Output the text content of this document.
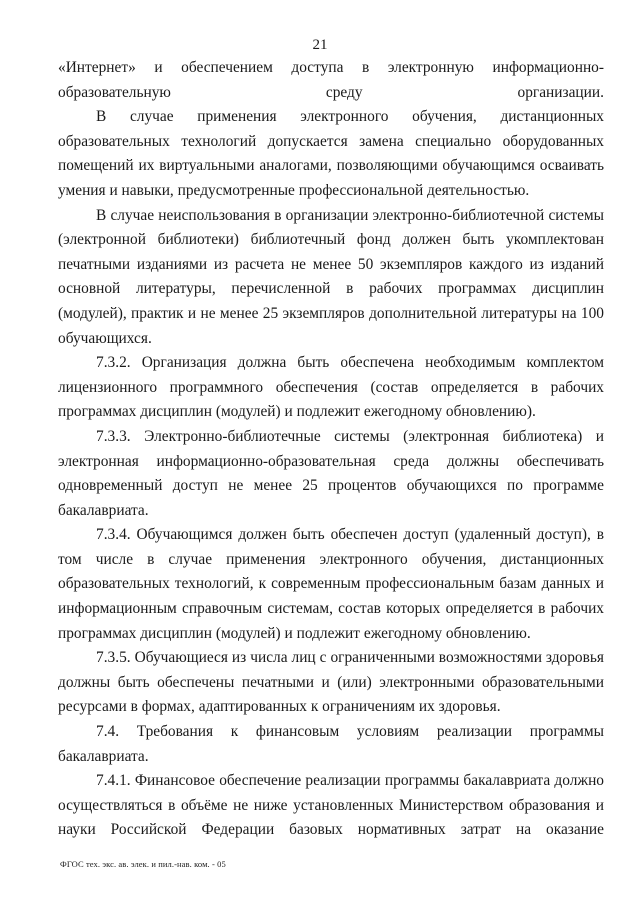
21

«Интернет» и обеспечением доступа в электронную информационно-образовательную среду организации.

В случае применения электронного обучения, дистанционных образовательных технологий допускается замена специально оборудованных помещений их виртуальными аналогами, позволяющими обучающимся осваивать умения и навыки, предусмотренные профессиональной деятельностью.

В случае неиспользования в организации электронно-библиотечной системы (электронной библиотеки) библиотечный фонд должен быть укомплектован печатными изданиями из расчета не менее 50 экземпляров каждого из изданий основной литературы, перечисленной в рабочих программах дисциплин (модулей), практик и не менее 25 экземпляров дополнительной литературы на 100 обучающихся.

7.3.2. Организация должна быть обеспечена необходимым комплектом лицензионного программного обеспечения (состав определяется в рабочих программах дисциплин (модулей) и подлежит ежегодному обновлению).

7.3.3. Электронно-библиотечные системы (электронная библиотека) и электронная информационно-образовательная среда должны обеспечивать одновременный доступ не менее 25 процентов обучающихся по программе бакалавриата.

7.3.4. Обучающимся должен быть обеспечен доступ (удаленный доступ), в том числе в случае применения электронного обучения, дистанционных образовательных технологий, к современным профессиональным базам данных и информационным справочным системам, состав которых определяется в рабочих программах дисциплин (модулей) и подлежит ежегодному обновлению.

7.3.5. Обучающиеся из числа лиц с ограниченными возможностями здоровья должны быть обеспечены печатными и (или) электронными образовательными ресурсами в формах, адаптированных к ограничениям их здоровья.

7.4. Требования к финансовым условиям реализации программы бакалавриата.

7.4.1. Финансовое обеспечение реализации программы бакалавриата должно осуществляться в объёме не ниже установленных Министерством образования и науки Российской Федерации базовых нормативных затрат на оказание

ФГОС тех. экс. ав. элек. и пил.-нав. ком. - 05
